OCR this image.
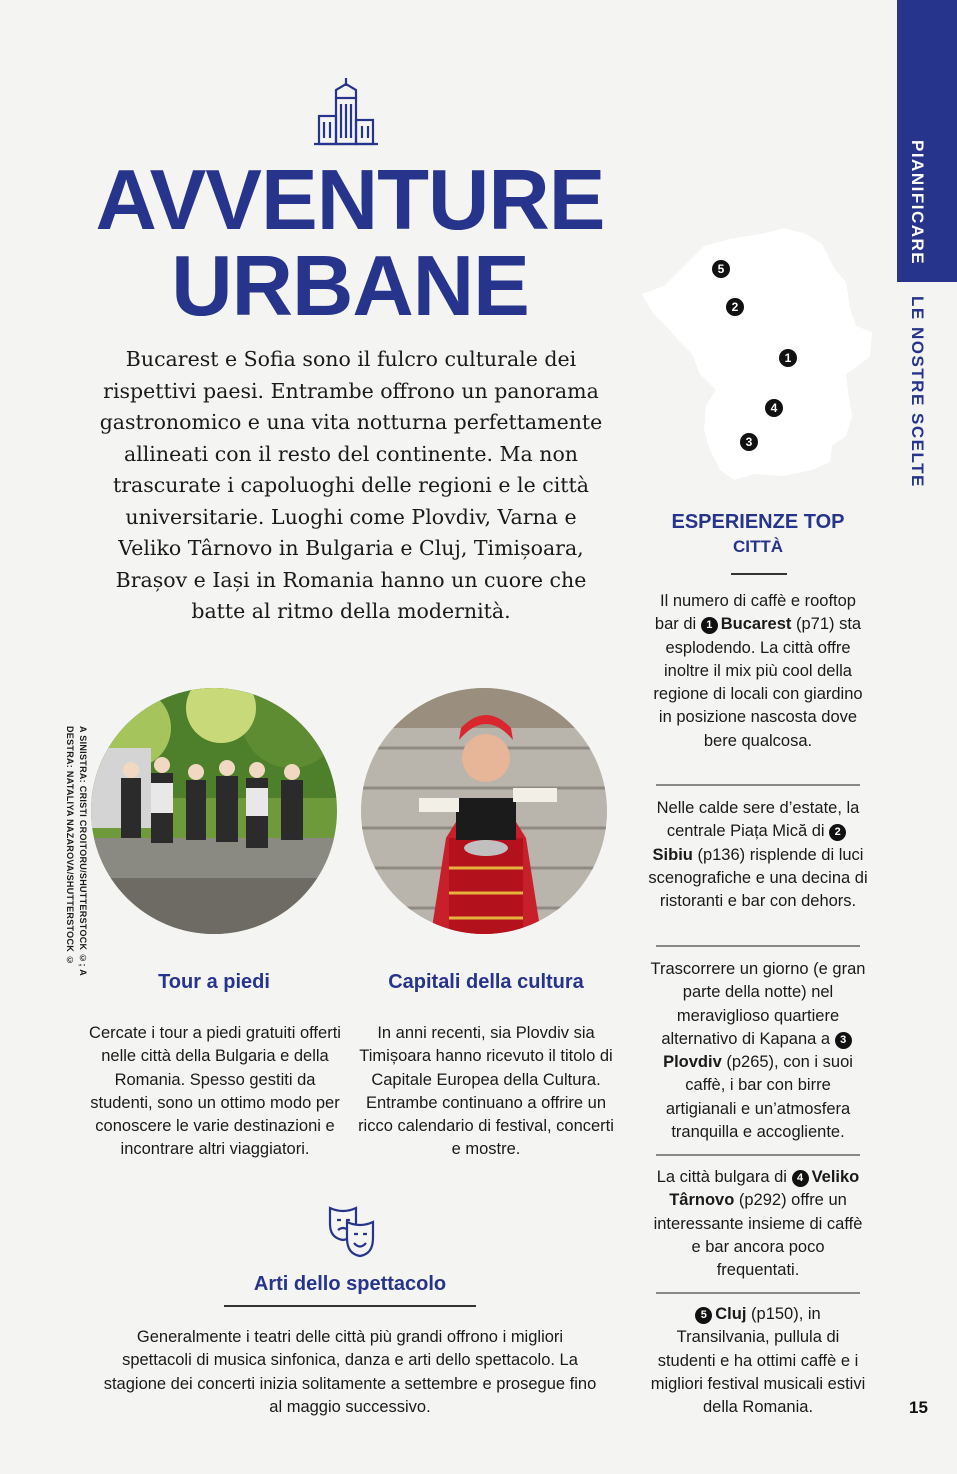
PIANIFICARE
LE NOSTRE SCELTE
AVVENTURE
URBANE
Bucarest e Sofia sono il fulcro culturale dei rispettivi paesi. Entrambe offrono un panorama gastronomico e una vita notturna perfettamente allineati con il resto del continente. Ma non trascurate i capoluoghi delle regioni e le città universitarie. Luoghi come Plovdiv, Varna e Veliko Târnovo in Bulgaria e Cluj, Timișoara, Brașov e Iași in Romania hanno un cuore che batte al ritmo della modernità.
A SINISTRA: CRISTI CROITORU/SHUTTERSTOCK ©; A DESTRA: NATALIYA NAZAROVA/SHUTTERSTOCK ©
Tour a piedi
Cercate i tour a piedi gratuiti offerti nelle città della Bulgaria e della Romania. Spesso gestiti da studenti, sono un ottimo modo per conoscere le varie destinazioni e incontrare altri viaggiatori.
Capitali della cultura
In anni recenti, sia Plovdiv sia Timișoara hanno ricevuto il titolo di Capitale Europea della Cultura. Entrambe continuano a offrire un ricco calendario di festival, concerti e mostre.
Arti dello spettacolo
Generalmente i teatri delle città più grandi offrono i migliori spettacoli di musica sinfonica, danza e arti dello spettacolo. La stagione dei concerti inizia solitamente a settembre e prosegue fino al maggio successivo.
5
2
1
4
3
ESPERIENZE TOP
CITTÀ
Il numero di caffè e rooftop bar di 1 Bucarest (p71) sta esplodendo. La città offre inoltre il mix più cool della regione di locali con giardino in posizione nascosta dove bere qualcosa.
Nelle calde sere d’estate, la centrale Piața Mică di 2Sibiu (p136) risplende di luci scenografiche e una decina di ristoranti e bar con dehors.
Trascorrere un giorno (e gran parte della notte) nel meraviglioso quartiere alternativo di Kapana a 3Plovdiv (p265), con i suoi caffè, i bar con birre artigianali e un’atmosfera tranquilla e accogliente.
La città bulgara di 4 Veliko Târnovo (p292) offre un interessante insieme di caffè e bar ancora poco frequentati.
5 Cluj (p150), in Transilvania, pullula di studenti e ha ottimi caffè e i migliori festival musicali estivi della Romania.	15
